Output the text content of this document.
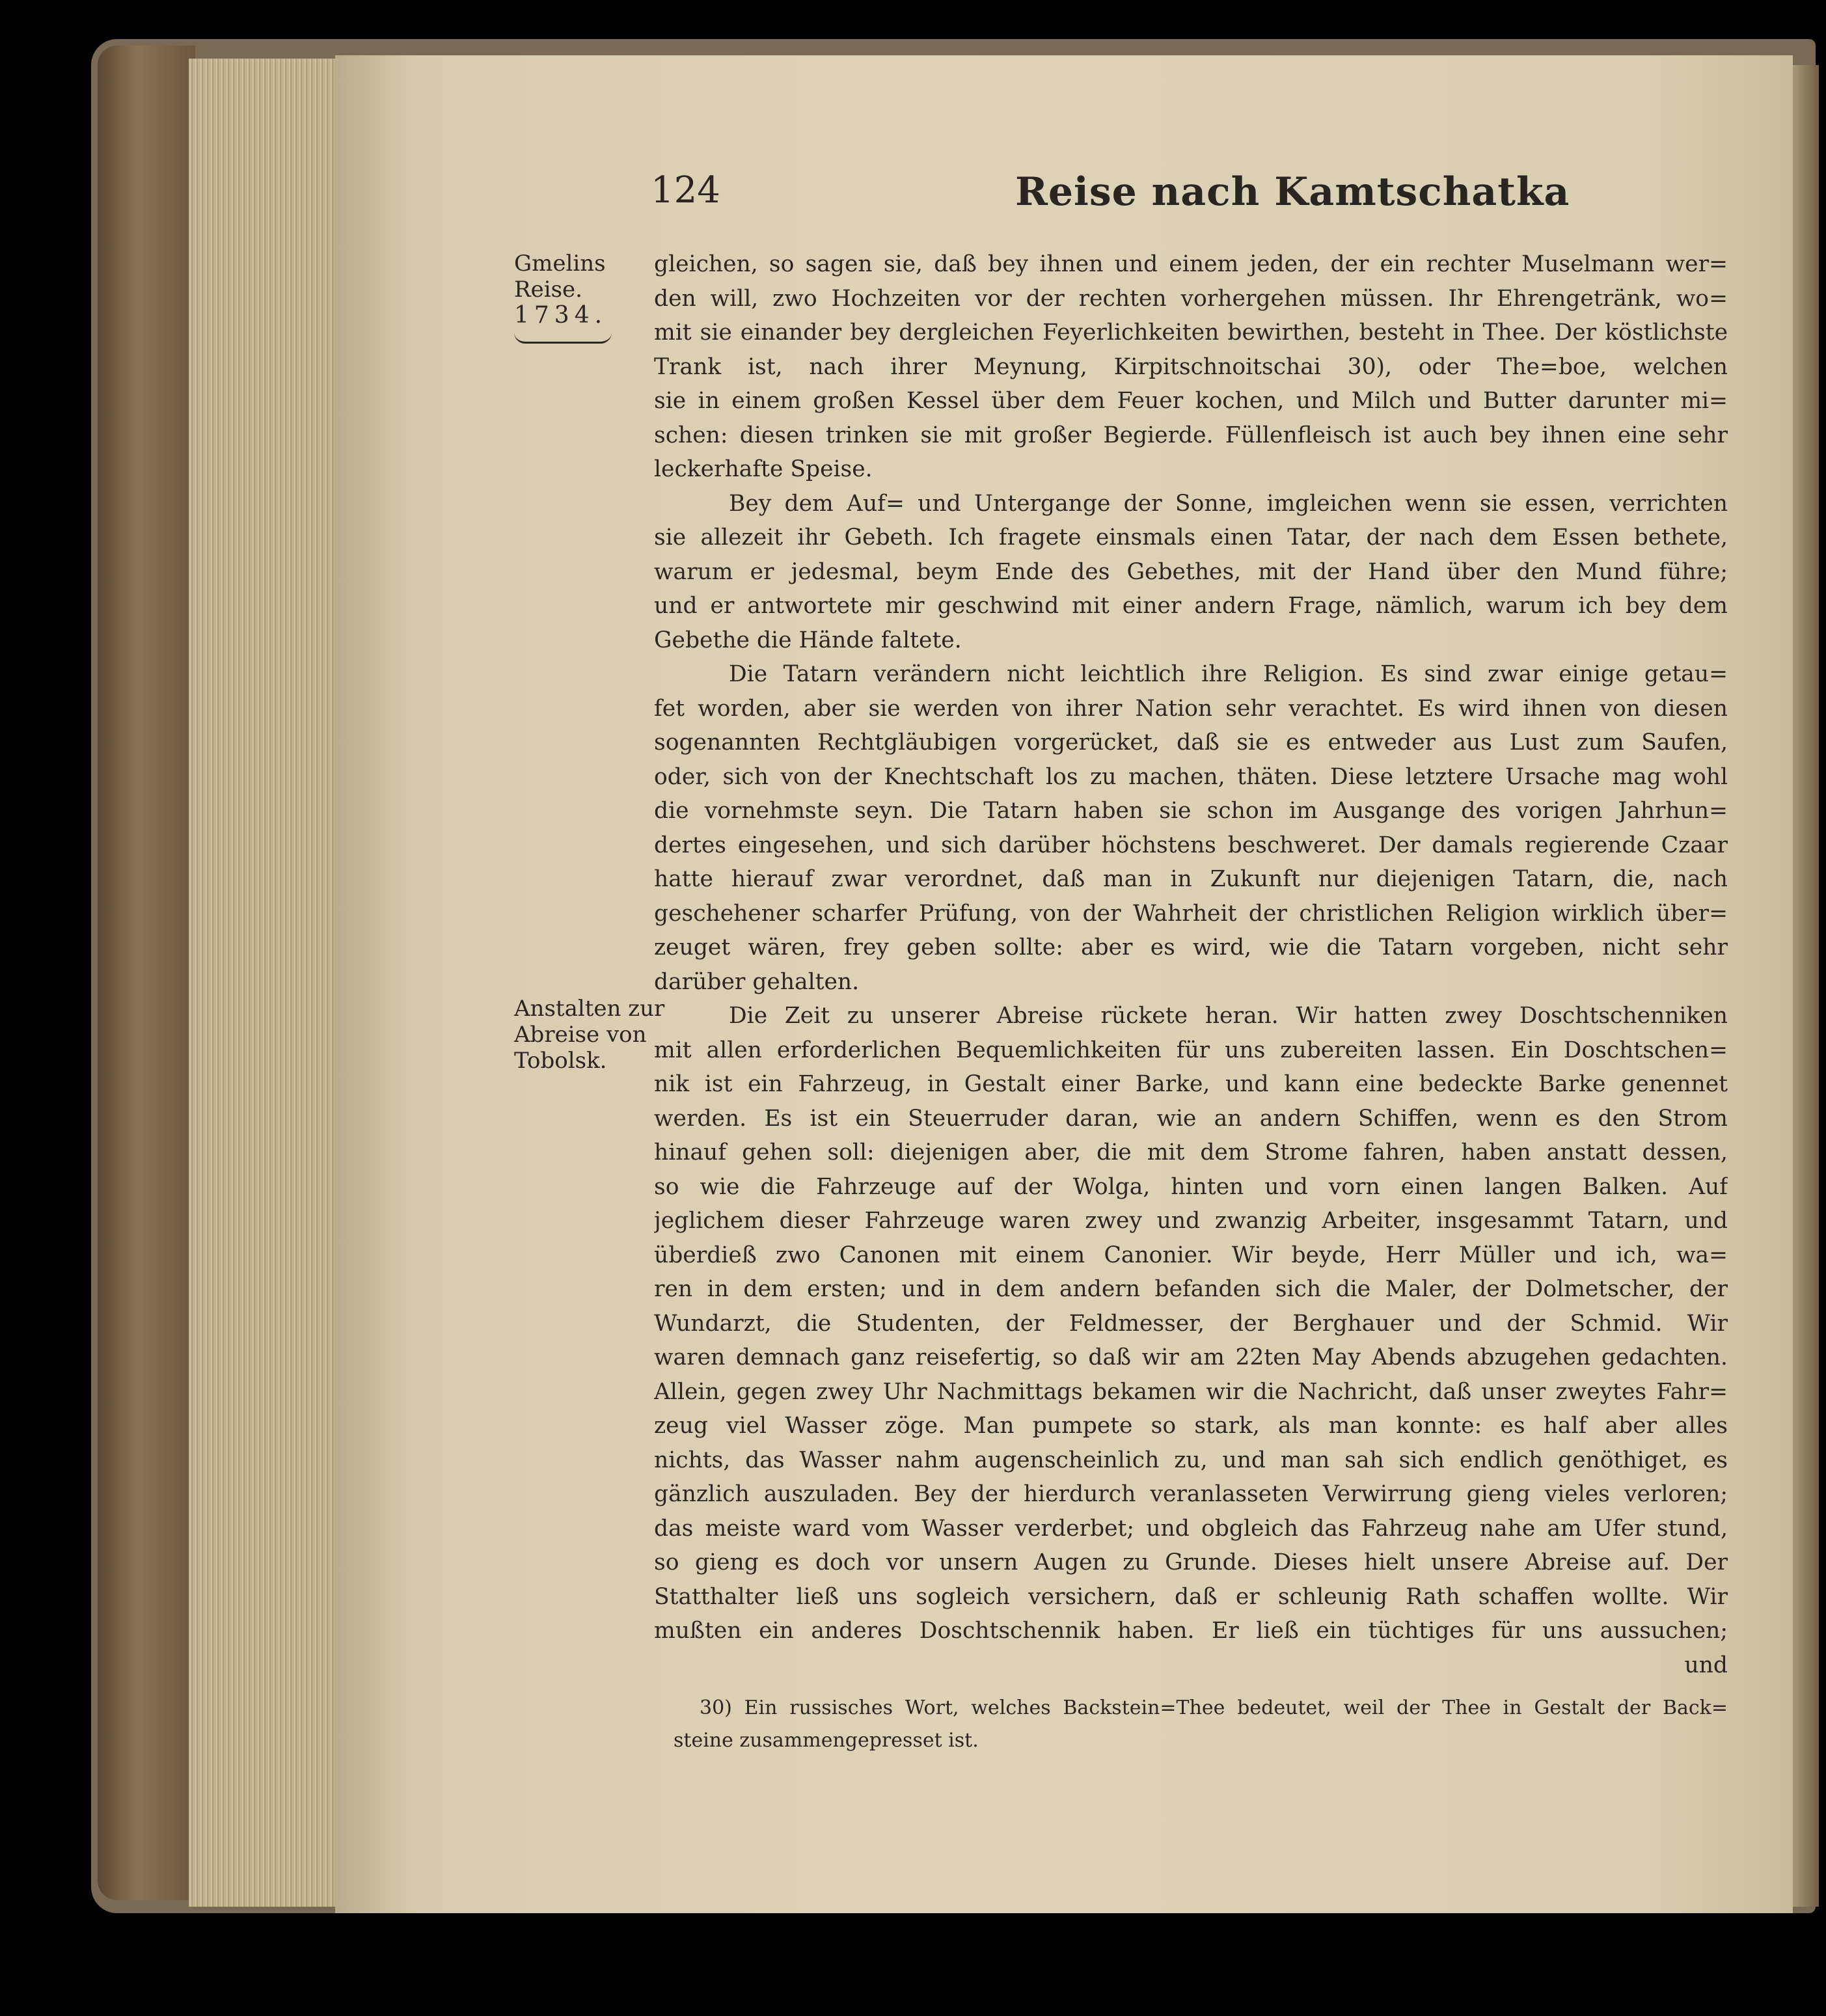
124	Reise nach Kamtschatka
Gmelins
Reise.
1734.
Anstalten zur
Abreise von
Tobolsk.
gleichen, so sagen sie, daß bey ihnen und einem jeden, der ein rechter Muselmann wer=
den will, zwo Hochzeiten vor der rechten vorhergehen müssen. Ihr Ehrengetränk, wo=
mit sie einander bey dergleichen Feyerlichkeiten bewirthen, besteht in Thee. Der köstlichste
Trank ist, nach ihrer Meynung, Kirpitschnoitschai 30), oder The=boe, welchen
sie in einem großen Kessel über dem Feuer kochen, und Milch und Butter darunter mi=
schen: diesen trinken sie mit großer Begierde. Füllenfleisch ist auch bey ihnen eine sehr
leckerhafte Speise.
Bey dem Auf= und Untergange der Sonne, imgleichen wenn sie essen, verrichten
sie allezeit ihr Gebeth. Ich fragete einsmals einen Tatar, der nach dem Essen bethete,
warum er jedesmal, beym Ende des Gebethes, mit der Hand über den Mund führe;
und er antwortete mir geschwind mit einer andern Frage, nämlich, warum ich bey dem
Gebethe die Hände faltete.
Die Tatarn verändern nicht leichtlich ihre Religion. Es sind zwar einige getau=
fet worden, aber sie werden von ihrer Nation sehr verachtet. Es wird ihnen von diesen
sogenannten Rechtgläubigen vorgerücket, daß sie es entweder aus Lust zum Saufen,
oder, sich von der Knechtschaft los zu machen, thäten. Diese letztere Ursache mag wohl
die vornehmste seyn. Die Tatarn haben sie schon im Ausgange des vorigen Jahrhun=
dertes eingesehen, und sich darüber höchstens beschweret. Der damals regierende Czaar
hatte hierauf zwar verordnet, daß man in Zukunft nur diejenigen Tatarn, die, nach
geschehener scharfer Prüfung, von der Wahrheit der christlichen Religion wirklich über=
zeuget wären, frey geben sollte: aber es wird, wie die Tatarn vorgeben, nicht sehr
darüber gehalten.
Die Zeit zu unserer Abreise rückete heran. Wir hatten zwey Doschtschenniken
mit allen erforderlichen Bequemlichkeiten für uns zubereiten lassen. Ein Doschtschen=
nik ist ein Fahrzeug, in Gestalt einer Barke, und kann eine bedeckte Barke genennet
werden. Es ist ein Steuerruder daran, wie an andern Schiffen, wenn es den Strom
hinauf gehen soll: diejenigen aber, die mit dem Strome fahren, haben anstatt dessen,
so wie die Fahrzeuge auf der Wolga, hinten und vorn einen langen Balken. Auf
jeglichem dieser Fahrzeuge waren zwey und zwanzig Arbeiter, insgesammt Tatarn, und
überdieß zwo Canonen mit einem Canonier. Wir beyde, Herr Müller und ich, wa=
ren in dem ersten; und in dem andern befanden sich die Maler, der Dolmetscher, der
Wundarzt, die Studenten, der Feldmesser, der Berghauer und der Schmid. Wir
waren demnach ganz reisefertig, so daß wir am 22ten May Abends abzugehen gedachten.
Allein, gegen zwey Uhr Nachmittags bekamen wir die Nachricht, daß unser zweytes Fahr=
zeug viel Wasser zöge. Man pumpete so stark, als man konnte: es half aber alles
nichts, das Wasser nahm augenscheinlich zu, und man sah sich endlich genöthiget, es
gänzlich auszuladen. Bey der hierdurch veranlasseten Verwirrung gieng vieles verloren;
das meiste ward vom Wasser verderbet; und obgleich das Fahrzeug nahe am Ufer stund,
so gieng es doch vor unsern Augen zu Grunde. Dieses hielt unsere Abreise auf. Der
Statthalter ließ uns sogleich versichern, daß er schleunig Rath schaffen wollte. Wir
mußten ein anderes Doschtschennik haben. Er ließ ein tüchtiges für uns aussuchen;
und
30) Ein russisches Wort, welches Backstein=Thee bedeutet, weil der Thee in Gestalt der Back=
steine zusammengepresset ist.
